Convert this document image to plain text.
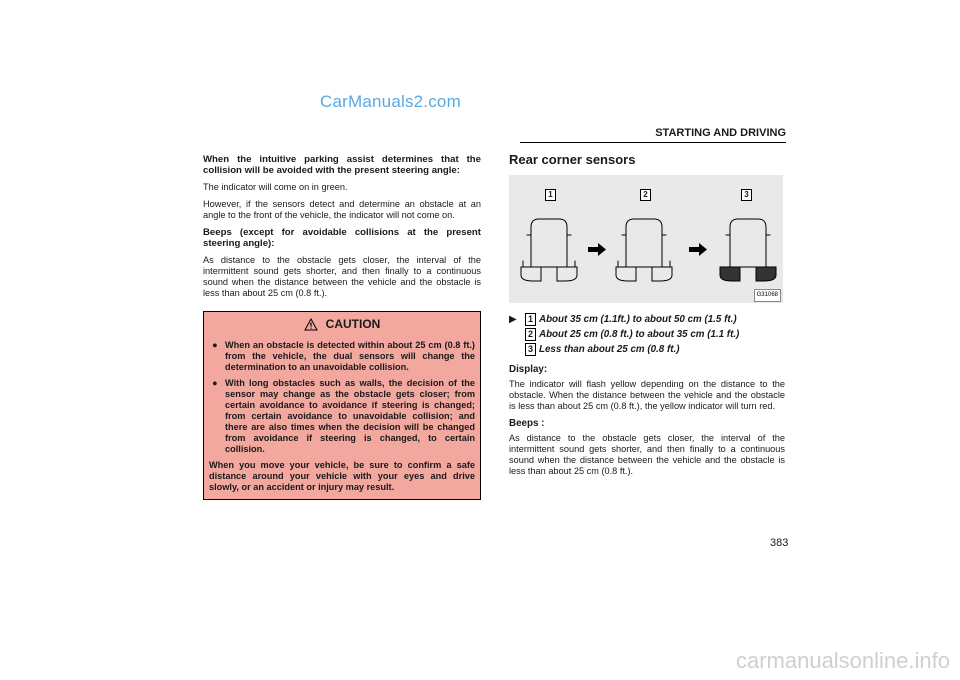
CarManuals2.com
STARTING AND DRIVING

When the intuitive parking assist determines that the collision will be avoided with the present steering angle:

The indicator will come on in green.

However, if the sensors detect and determine an obstacle at an angle to the front of the vehicle, the indicator will not come on.

Beeps (except for avoidable collisions at the present steering angle):

As distance to the obstacle gets closer, the interval of the intermittent sound gets shorter, and then finally to a continuous sound when the distance between the vehicle and the obstacle is less than about 25 cm (0.8 ft.).

CAUTION
● When an obstacle is detected within about 25 cm (0.8 ft.) from the vehicle, the dual sensors will change the determination to an unavoidable collision.
● With long obstacles such as walls, the decision of the sensor may change as the obstacle gets closer; from certain avoidance to avoidance if steering is changed; from certain avoidance to unavoidable collision; and there are also times when the decision will be changed from avoidance if steering is changed, to certain collision.

When you move your vehicle, be sure to confirm a safe distance around your vehicle with your eyes and drive slowly, or an accident or injury may result.

Rear corner sensors

1	2	3
G31068
▶	1 About 35 cm (1.1ft.) to about 50 cm (1.5 ft.)
2 About 25 cm (0.8 ft.) to about 35 cm (1.1 ft.)
3 Less than about 25 cm (0.8 ft.)

Display:

The indicator will flash yellow depending on the distance to the obstacle. When the distance between the vehicle and the obstacle is less than about 25 cm (0.8 ft.), the yellow indicator will turn red.

Beeps :

As distance to the obstacle gets closer, the interval of the intermittent sound gets shorter, and then finally to a continuous sound when the distance between the vehicle and the obstacle is less than about 25 cm (0.8 ft.).

383
carmanualsonline.info
